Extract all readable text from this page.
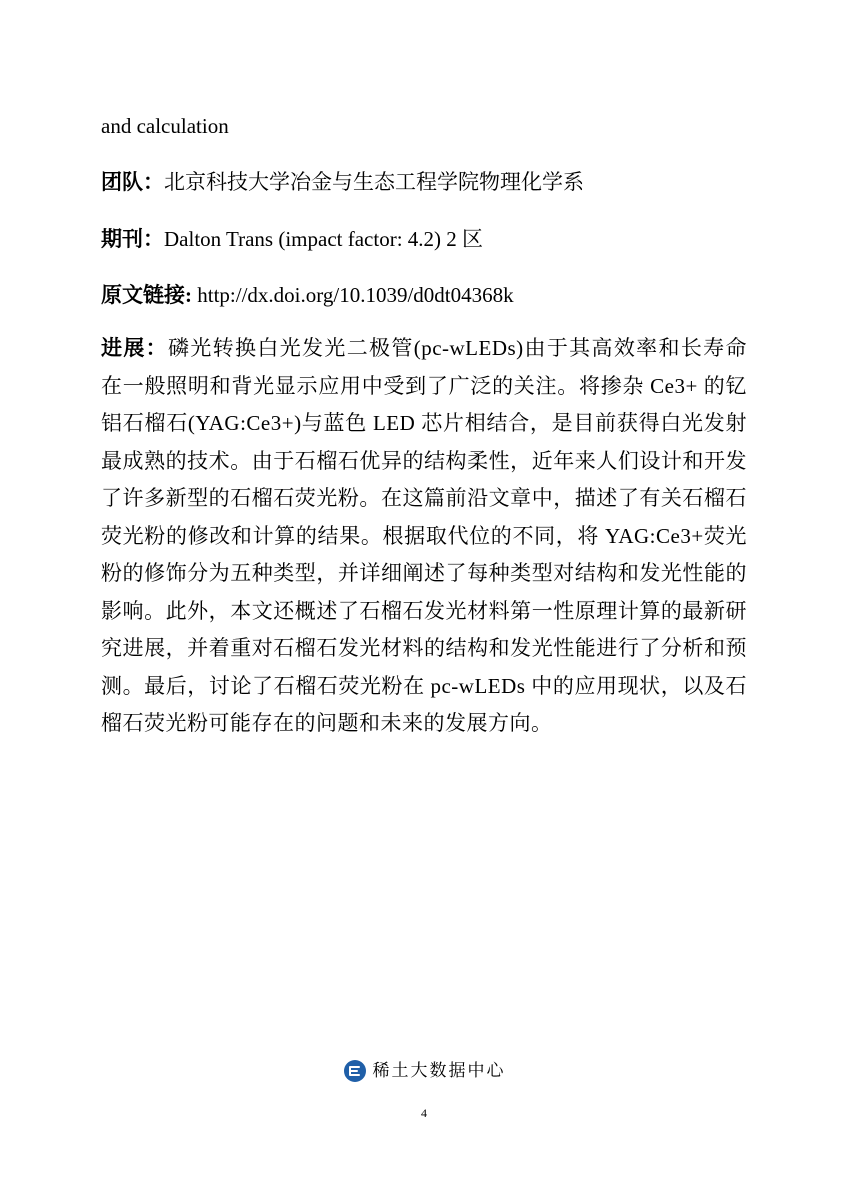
and calculation
团队：北京科技大学冶金与生态工程学院物理化学系
期刊：Dalton Trans (impact factor: 4.2) 2 区
原文链接: http://dx.doi.org/10.1039/d0dt04368k
进展：磷光转换白光发光二极管(pc-wLEDs)由于其高效率和长寿命在一般照明和背光显示应用中受到了广泛的关注。将掺杂 Ce3+ 的钇铝石榴石(YAG:Ce3+)与蓝色 LED 芯片相结合，是目前获得白光发射最成熟的技术。由于石榴石优异的结构柔性，近年来人们设计和开发了许多新型的石榴石荧光粉。在这篇前沿文章中，描述了有关石榴石荧光粉的修改和计算的结果。根据取代位的不同，将 YAG:Ce3+荧光粉的修饰分为五种类型，并详细阐述了每种类型对结构和发光性能的影响。此外，本文还概述了石榴石发光材料第一性原理计算的最新研究进展，并着重对石榴石发光材料的结构和发光性能进行了分析和预测。最后，讨论了石榴石荧光粉在 pc-wLEDs 中的应用现状，以及石榴石荧光粉可能存在的问题和未来的发展方向。
稀土大数据中心
4
